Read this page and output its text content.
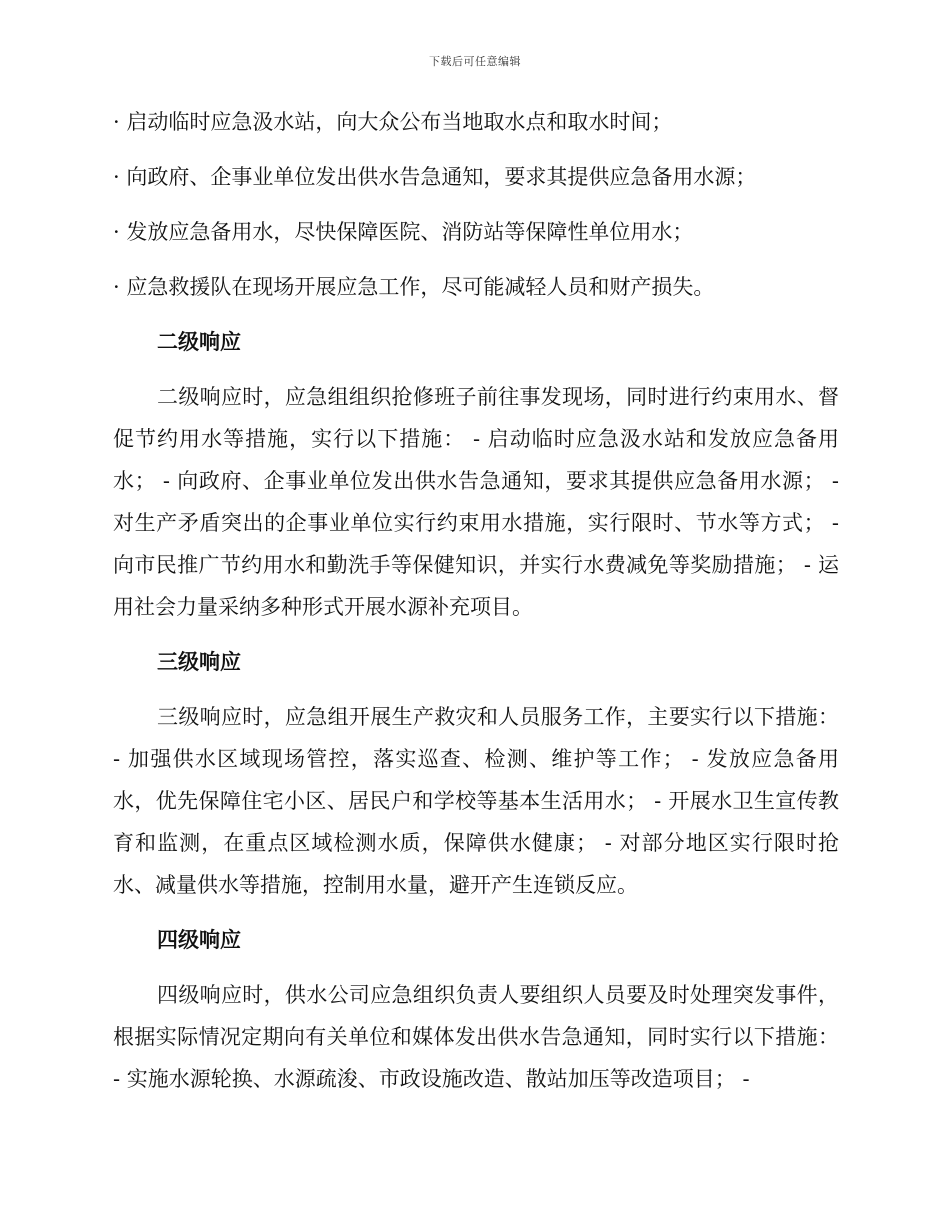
下载后可任意编辑
· 启动临时应急汲水站，向大众公布当地取水点和取水时间；
· 向政府、企事业单位发出供水告急通知，要求其提供应急备用水源；
· 发放应急备用水，尽快保障医院、消防站等保障性单位用水；
· 应急救援队在现场开展应急工作，尽可能减轻人员和财产损失。
二级响应
二级响应时，应急组组织抢修班子前往事发现场，同时进行约束用水、督促节约用水等措施，实行以下措施： - 启动临时应急汲水站和发放应急备用水； - 向政府、企事业单位发出供水告急通知，要求其提供应急备用水源； - 对生产矛盾突出的企事业单位实行约束用水措施，实行限时、节水等方式； - 向市民推广节约用水和勤洗手等保健知识，并实行水费减免等奖励措施； - 运用社会力量采纳多种形式开展水源补充项目。
三级响应
三级响应时，应急组开展生产救灾和人员服务工作，主要实行以下措施： - 加强供水区域现场管控，落实巡查、检测、维护等工作； - 发放应急备用水，优先保障住宅小区、居民户和学校等基本生活用水； - 开展水卫生宣传教育和监测，在重点区域检测水质，保障供水健康； - 对部分地区实行限时抢水、减量供水等措施，控制用水量，避开产生连锁反应。
四级响应
四级响应时，供水公司应急组织负责人要组织人员要及时处理突发事件，根据实际情况定期向有关单位和媒体发出供水告急通知，同时实行以下措施： - 实施水源轮换、水源疏浚、市政设施改造、散站加压等改造项目； -
